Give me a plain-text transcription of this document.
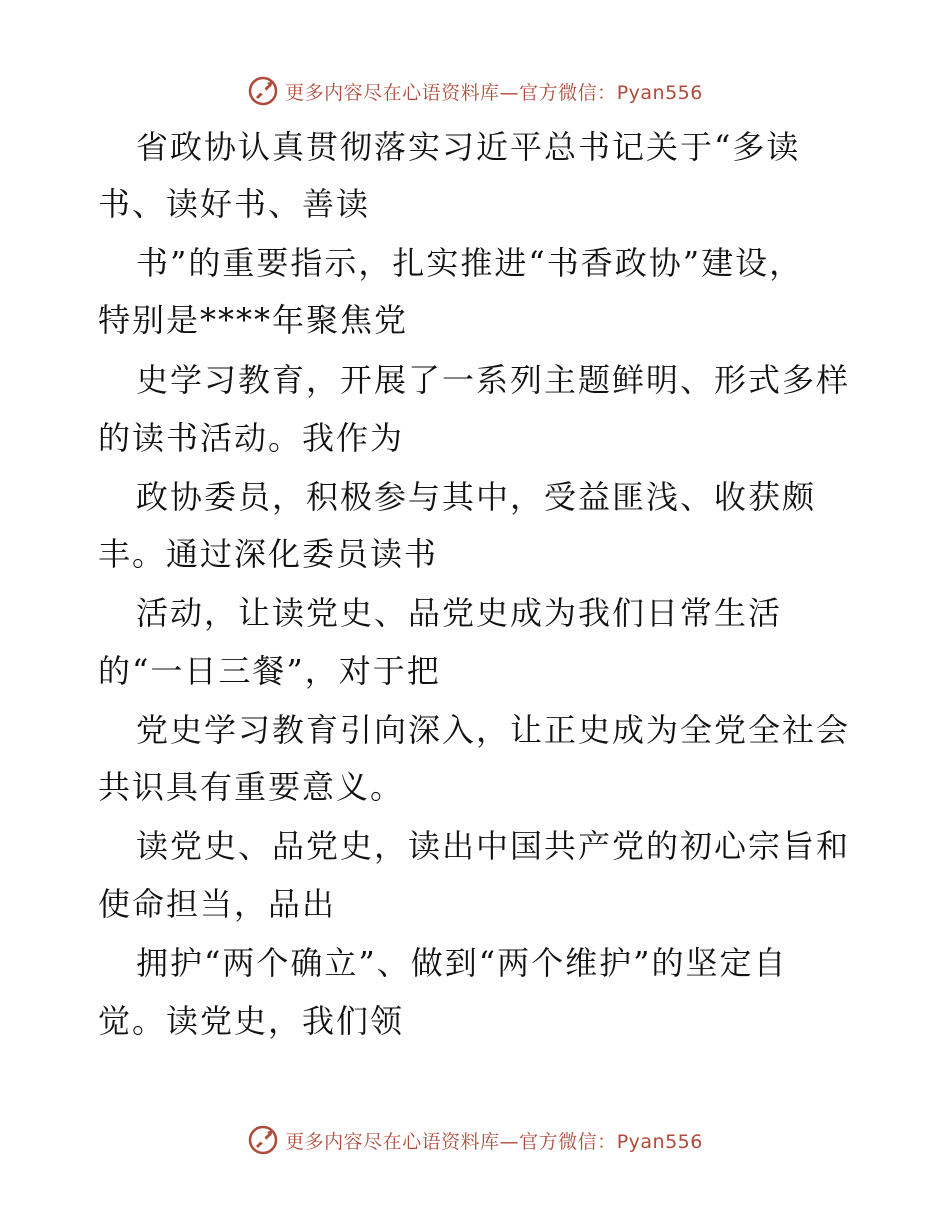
更多内容尽在心语资料库—官方微信：Pyan556
省政协认真贯彻落实习近平总书记关于“多读
书、读好书、善读
书”的重要指示，扎实推进“书香政协”建设，
特别是****年聚焦党
史学习教育，开展了一系列主题鲜明、形式多样
的读书活动。我作为
政协委员，积极参与其中，受益匪浅、收获颇
丰。通过深化委员读书
活动，让读党史、品党史成为我们日常生活
的“一日三餐”，对于把
党史学习教育引向深入，让正史成为全党全社会
共识具有重要意义。
读党史、品党史，读出中国共产党的初心宗旨和
使命担当，品出
拥护“两个确立”、做到“两个维护”的坚定自
觉。读党史，我们领
更多内容尽在心语资料库—官方微信：Pyan556
